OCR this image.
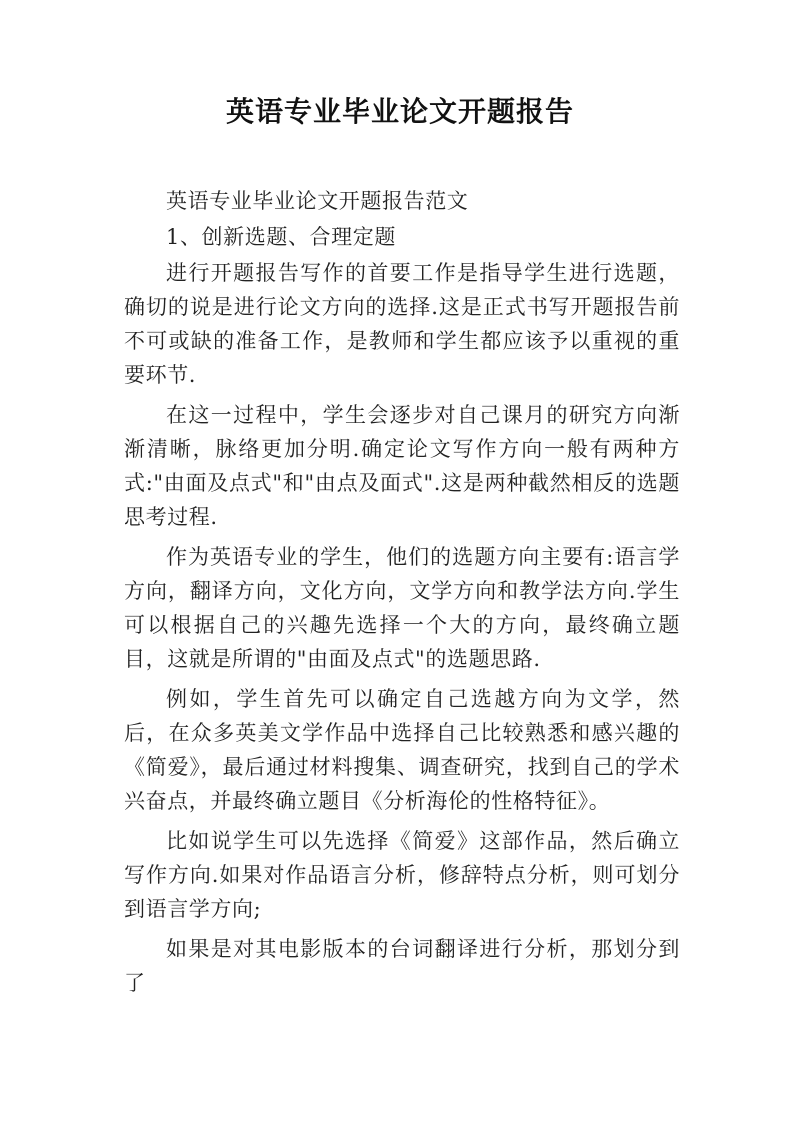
英语专业毕业论文开题报告

英语专业毕业论文开题报告范文

1、创新选题、合理定题

进行开题报告写作的首要工作是指导学生进行选题，确切的说是进行论文方向的选择.这是正式书写开题报告前不可或缺的准备工作，是教师和学生都应该予以重视的重要环节.

在这一过程中，学生会逐步对自己课月的研究方向渐渐清晰，脉络更加分明.确定论文写作方向一般有两种方式:"由面及点式"和"由点及面式".这是两种截然相反的选题思考过程.

作为英语专业的学生，他们的选题方向主要有:语言学方向，翻译方向，文化方向，文学方向和教学法方向.学生可以根据自己的兴趣先选择一个大的方向，最终确立题目，这就是所谓的"由面及点式"的选题思路.

例如，学生首先可以确定自己选越方向为文学，然后，在众多英美文学作品中选择自己比较熟悉和感兴趣的《简爱》，最后通过材料搜集、调查研究，找到自己的学术兴奋点，并最终确立题目《分析海伦的性格特征》。

比如说学生可以先选择《简爱》这部作品，然后确立写作方向.如果对作品语言分析，修辞特点分析，则可划分到语言学方向;

如果是对其电影版本的台词翻译进行分析，那划分到了
